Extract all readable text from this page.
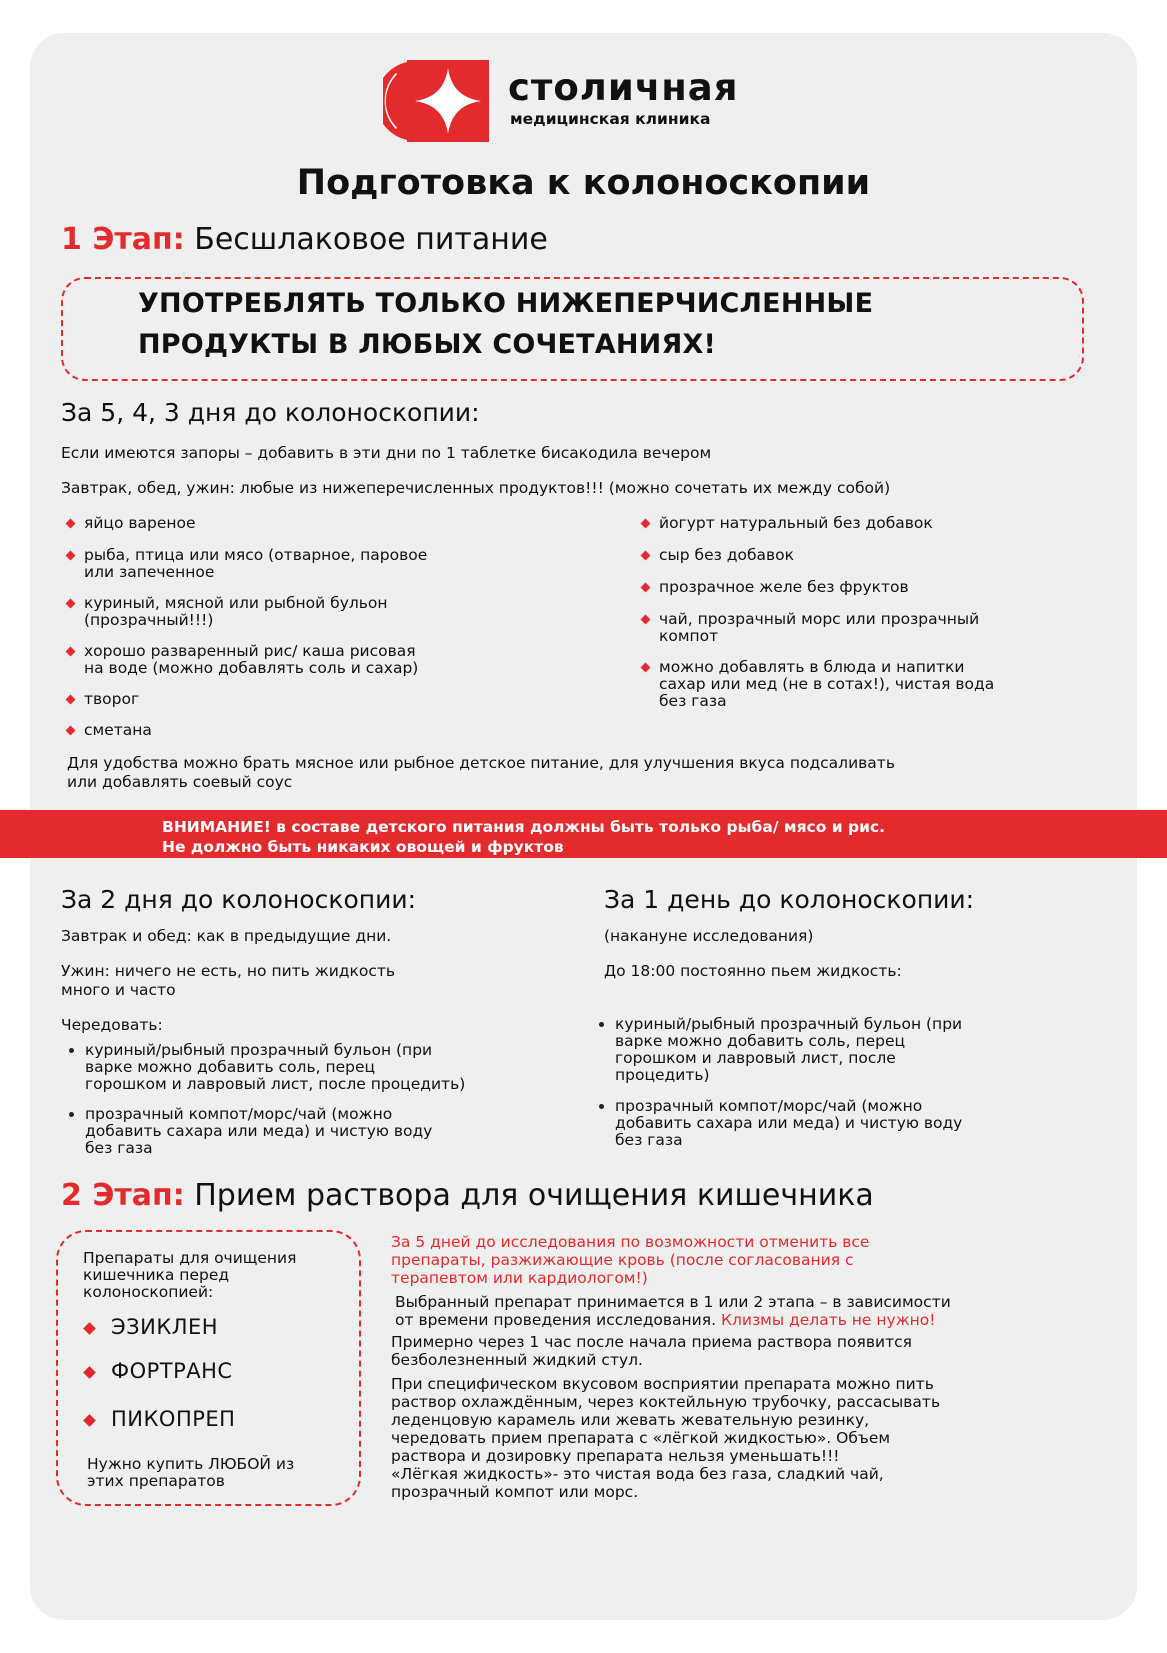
столичная
медицинская клиника
Подготовка к колоноскопии
1 Этап: Бесшлаковое питание
УПОТРЕБЛЯТЬ ТОЛЬКО НИЖЕПЕРЧИСЛЕННЫЕ
ПРОДУКТЫ В ЛЮБЫХ СОЧЕТАНИЯХ!
За 5, 4, 3 дня до колоноскопии:
Если имеются запоры – добавить в эти дни по 1 таблетке бисакодила вечером
Завтрак, обед, ужин: любые из нижеперечисленных продуктов!!! (можно сочетать их между собой)
яйцо вареное
рыба, птица или мясо (отварное, паровое
или запеченное
куриный, мясной или рыбной бульон
(прозрачный!!!)
хорошо разваренный рис/ каша рисовая
на воде (можно добавлять соль и сахар)
творог
сметана
йогурт натуральный без добавок
сыр без добавок
прозрачное желе без фруктов
чай, прозрачный морс или прозрачный
компот
можно добавлять в блюда и напитки
сахар или мед (не в сотах!), чистая вода
без газа
Для удобства можно брать мясное или рыбное детское питание, для улучшения вкуса подсаливать
или добавлять соевый соус
ВНИМАНИЕ! в составе детского питания должны быть только рыба/ мясо и рис.
Не должно быть никаких овощей и фруктов
За 2 дня до колоноскопии:
Завтрак и обед: как в предыдущие дни.
Ужин: ничего не есть, но пить жидкость
много и часто
Чередовать:
куриный/рыбный прозрачный бульон (при
варке можно добавить соль, перец
горошком и лавровый лист, после процедить)
прозрачный компот/морс/чай (можно
добавить сахара или меда) и чистую воду
без газа
За 1 день до колоноскопии:
(накануне исследования)
До 18:00 постоянно пьем жидкость:
куриный/рыбный прозрачный бульон (при
варке можно добавить соль, перец
горошком и лавровый лист, после
процедить)
прозрачный компот/морс/чай (можно
добавить сахара или меда) и чистую воду
без газа
2 Этап: Прием раствора для очищения кишечника
Препараты для очищения
кишечника перед
колоноскопией:
ЭЗИКЛЕН
ФОРТРАНС
ПИКОПРЕП
Нужно купить ЛЮБОЙ из
этих препаратов
За 5 дней до исследования по возможности отменить все
препараты, разжижающие кровь (после согласования с
терапевтом или кардиологом!)
Выбранный препарат принимается в 1 или 2 этапа – в зависимости
от времени проведения исследования. Клизмы делать не нужно!
Примерно через 1 час после начала приема раствора появится
безболезненный жидкий стул.
При специфическом вкусовом восприятии препарата можно пить
раствор охлаждённым, через коктейльную трубочку, рассасывать
леденцовую карамель или жевать жевательную резинку,
чередовать прием препарата с «лёгкой жидкостью». Объем
раствора и дозировку препарата нельзя уменьшать!!!
«Лёгкая жидкость»- это чистая вода без газа, сладкий чай,
прозрачный компот или морс.
